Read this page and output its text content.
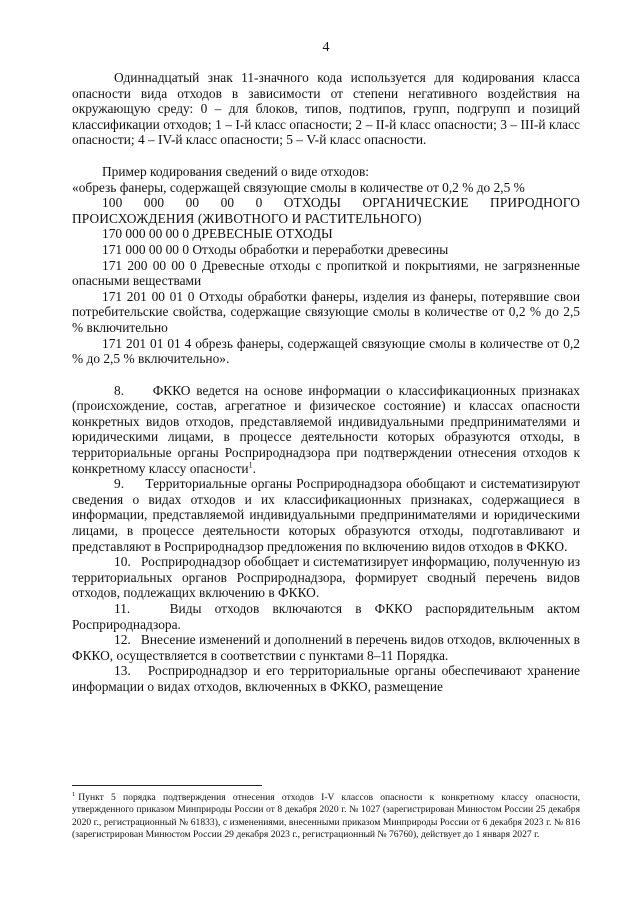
4

Одиннадцатый знак 11-значного кода используется для кодирования класса опасности вида отходов в зависимости от степени негативного воздействия на окружающую среду: 0 – для блоков, типов, подтипов, групп, подгрупп и позиций классификации отходов; 1 – I-й класс опасности; 2 – II-й класс опасности; 3 – III-й класс опасности; 4 – IV-й класс опасности; 5 – V-й класс опасности.

Пример кодирования сведений о виде отходов:

«обрезь фанеры, содержащей связующие смолы в количестве от 0,2 % до 2,5 %

100 000 00 00 0 ОТХОДЫ ОРГАНИЧЕСКИЕ ПРИРОДНОГО ПРОИСХОЖДЕНИЯ (ЖИВОТНОГО И РАСТИТЕЛЬНОГО)

170 000 00 00 0 ДРЕВЕСНЫЕ ОТХОДЫ

171 000 00 00 0 Отходы обработки и переработки древесины

171 200 00 00 0 Древесные отходы с пропиткой и покрытиями, не загрязненные опасными веществами

171 201 00 01 0 Отходы обработки фанеры, изделия из фанеры, потерявшие свои потребительские свойства, содержащие связующие смолы в количестве от 0,2 % до 2,5 % включительно

171 201 01 01 4 обрезь фанеры, содержащей связующие смолы в количестве от 0,2 % до 2,5 % включительно».

8. ФККО ведется на основе информации о классификационных признаках (происхождение, состав, агрегатное и физическое состояние) и классах опасности конкретных видов отходов, представляемой индивидуальными предпринимателями и юридическими лицами, в процессе деятельности которых образуются отходы, в территориальные органы Росприроднадзора при подтверждении отнесения отходов к конкретному классу опасности$^1$.

9. Территориальные органы Росприроднадзора обобщают и систематизируют сведения о видах отходов и их классификационных признаках, содержащиеся в информации, представляемой индивидуальными предпринимателями и юридическими лицами, в процессе деятельности которых образуются отходы, подготавливают и представляют в Росприроднадзор предложения по включению видов отходов в ФККО.

10. Росприроднадзор обобщает и систематизирует информацию, полученную из территориальных органов Росприроднадзора, формирует сводный перечень видов отходов, подлежащих включению в ФККО.

11.	Виды отходов включаются в ФККО распорядительным актом Росприроднадзора.

12. Внесение изменений и дополнений в перечень видов отходов, включенных в ФККО, осуществляется в соответствии с пунктами 8–11 Порядка.

13. Росприроднадзор и его территориальные органы обеспечивают хранение информации о видах отходов, включенных в ФККО, размещение

$^1$ Пункт 5 порядка подтверждения отнесения отходов I-V классов опасности к конкретному классу опасности, утвержденного приказом Минприроды России от 8 декабря 2020 г. № 1027 (зарегистрирован Минюстом России 25 декабря 2020 г., регистрационный № 61833), с изменениями, внесенными приказом Минприроды России от 6 декабря 2023 г. № 816 (зарегистрирован Минюстом России 29 декабря 2023 г., регистрационный № 76760), действует до 1 января 2027 г.
